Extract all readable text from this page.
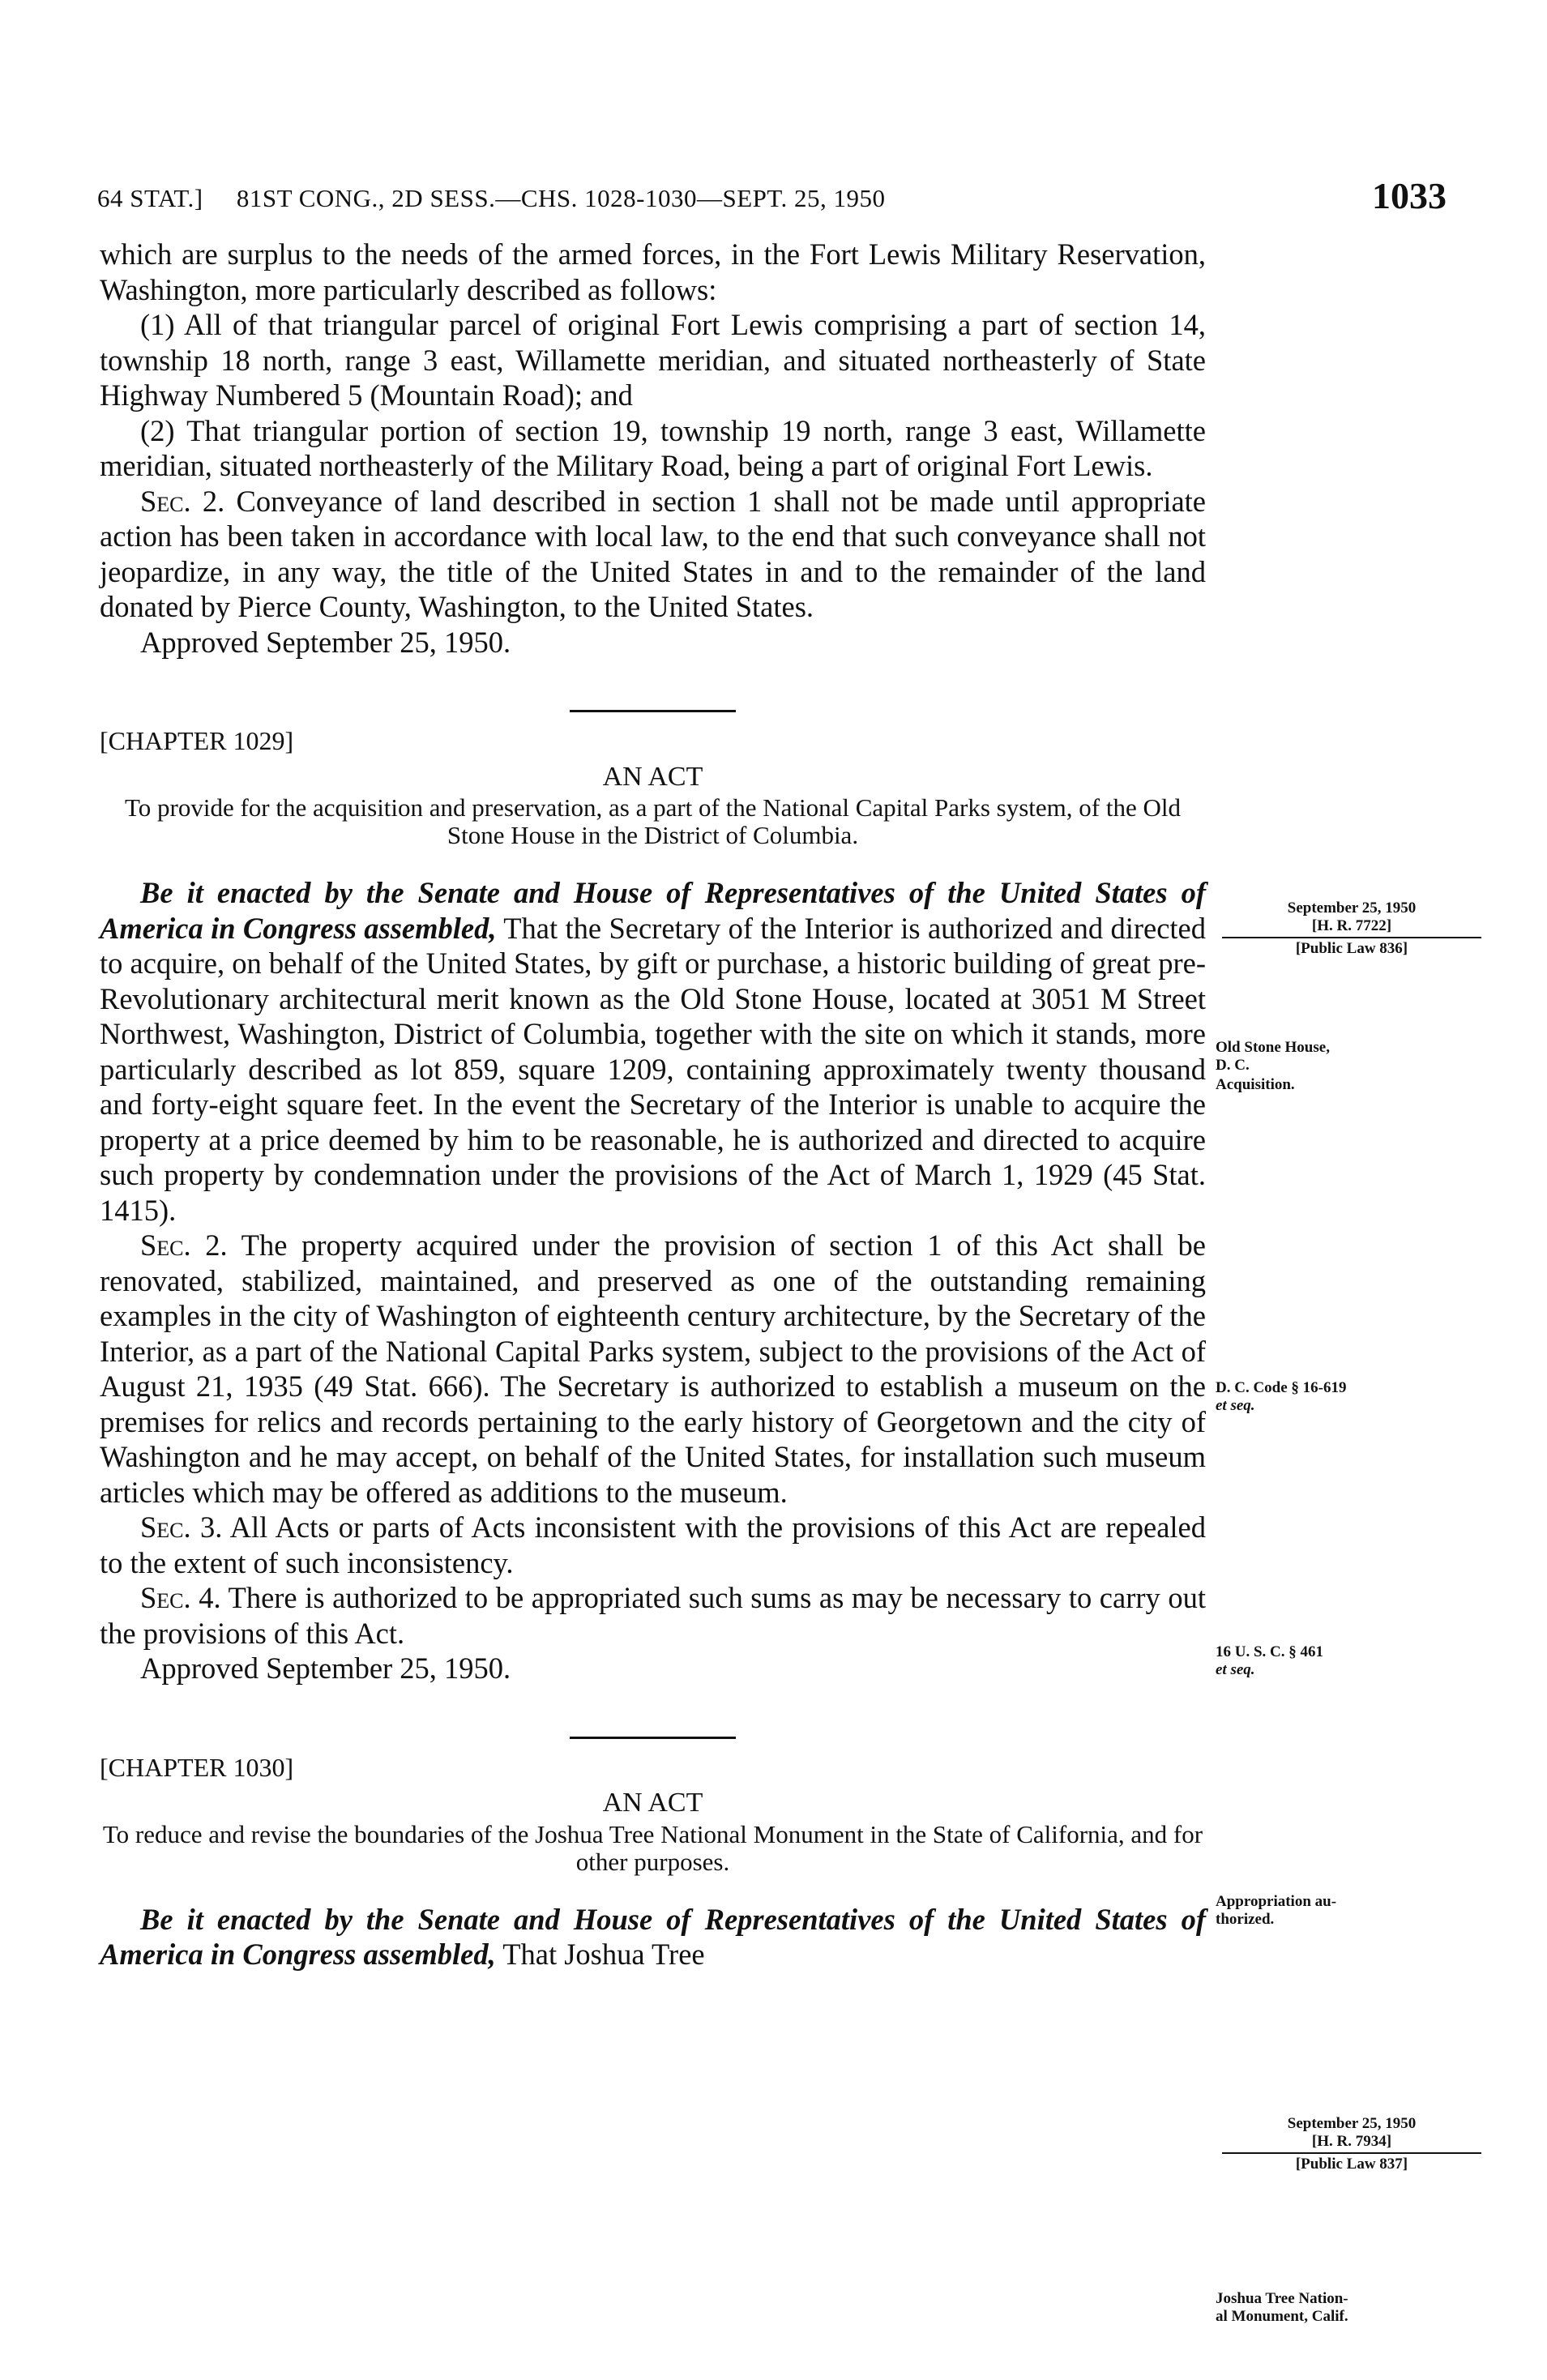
64 STAT.]     81ST CONG., 2D SESS.—CHS. 1028-1030—SEPT. 25, 1950	1033

which are surplus to the needs of the armed forces, in the Fort Lewis Military Reservation, Washington, more particularly described as follows:

(1) All of that triangular parcel of original Fort Lewis comprising a part of section 14, township 18 north, range 3 east, Willamette meridian, and situated northeasterly of State Highway Numbered 5 (Mountain Road); and

(2) That triangular portion of section 19, township 19 north, range 3 east, Willamette meridian, situated northeasterly of the Military Road, being a part of original Fort Lewis.

Sec. 2. Conveyance of land described in section 1 shall not be made until appropriate action has been taken in accordance with local law, to the end that such conveyance shall not jeopardize, in any way, the title of the United States in and to the remainder of the land donated by Pierce County, Washington, to the United States.

Approved September 25, 1950.

[CHAPTER 1029]

AN ACT

To provide for the acquisition and preservation, as a part of the National Capital Parks system, of the Old Stone House in the District of Columbia.

Be it enacted by the Senate and House of Representatives of the United States of America in Congress assembled, That the Secretary of the Interior is authorized and directed to acquire, on behalf of the United States, by gift or purchase, a historic building of great pre-Revolutionary architectural merit known as the Old Stone House, located at 3051 M Street Northwest, Washington, District of Columbia, together with the site on which it stands, more particularly described as lot 859, square 1209, containing approximately twenty thousand and forty-eight square feet. In the event the Secretary of the Interior is unable to acquire the property at a price deemed by him to be reasonable, he is authorized and directed to acquire such property by condemnation under the provisions of the Act of March 1, 1929 (45 Stat. 1415).

Sec. 2. The property acquired under the provision of section 1 of this Act shall be renovated, stabilized, maintained, and preserved as one of the outstanding remaining examples in the city of Washington of eighteenth century architecture, by the Secretary of the Interior, as a part of the National Capital Parks system, subject to the provisions of the Act of August 21, 1935 (49 Stat. 666). The Secretary is authorized to establish a museum on the premises for relics and records pertaining to the early history of Georgetown and the city of Washington and he may accept, on behalf of the United States, for installation such museum articles which may be offered as additions to the museum.

Sec. 3. All Acts or parts of Acts inconsistent with the provisions of this Act are repealed to the extent of such inconsistency.

Sec. 4. There is authorized to be appropriated such sums as may be necessary to carry out the provisions of this Act.

Approved September 25, 1950.

[CHAPTER 1030]

AN ACT

To reduce and revise the boundaries of the Joshua Tree National Monument in the State of California, and for other purposes.

Be it enacted by the Senate and House of Representatives of the United States of America in Congress assembled, That Joshua Tree

September 25, 1950
[H. R. 7722]
[Public Law 836]
Old Stone House,
D. C.
Acquisition.
D. C. Code § 16-619
et seq.
16 U. S. C. § 461
et seq.
Appropriation au-
thorized.
September 25, 1950
[H. R. 7934]
[Public Law 837]
Joshua Tree Nation-
al Monument, Calif.
